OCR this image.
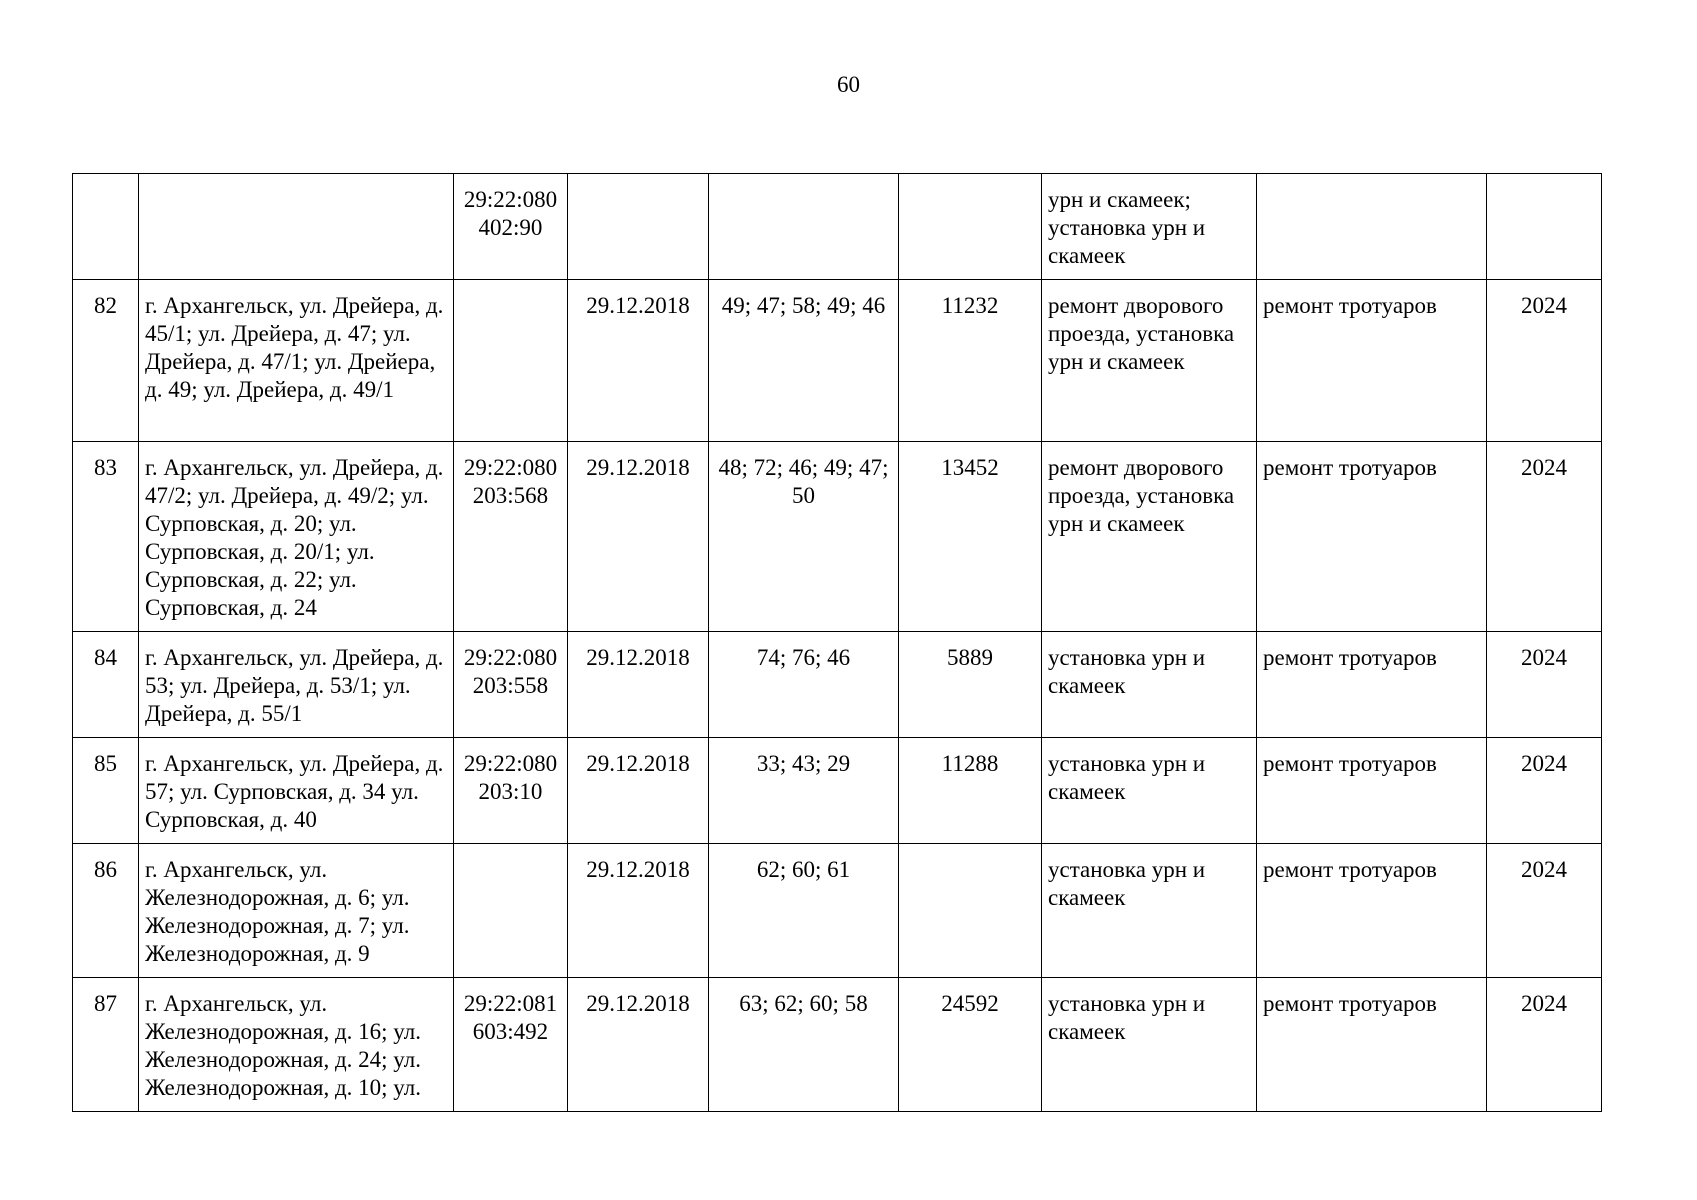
60
		29:22:080 402:90				урн и скамеек; установка урн и скамеек		
82	г. Архангельск, ул. Дрейера, д. 45/1; ул. Дрейера, д. 47; ул. Дрейера, д. 47/1; ул. Дрейера, д. 49; ул. Дрейера, д. 49/1		29.12.2018	49; 47; 58; 49; 46	11232	ремонт дворового проезда, установка урн и скамеек	ремонт тротуаров	2024
83	г. Архангельск, ул. Дрейера, д. 47/2; ул. Дрейера, д. 49/2; ул. Сурповская, д. 20; ул. Сурповская, д. 20/1; ул. Сурповская, д. 22; ул. Сурповская, д. 24	29:22:080 203:568	29.12.2018	48; 72; 46; 49; 47; 50	13452	ремонт дворового проезда, установка урн и скамеек	ремонт тротуаров	2024
84	г. Архангельск, ул. Дрейера, д. 53; ул. Дрейера, д. 53/1; ул. Дрейера, д. 55/1	29:22:080 203:558	29.12.2018	74; 76; 46	5889	установка урн и скамеек	ремонт тротуаров	2024
85	г. Архангельск, ул. Дрейера, д. 57; ул. Сурповская, д. 34 ул. Сурповская, д. 40	29:22:080 203:10	29.12.2018	33; 43; 29	11288	установка урн и скамеек	ремонт тротуаров	2024
86	г. Архангельск, ул. Железнодорожная, д. 6; ул. Железнодорожная, д. 7; ул. Железнодорожная, д. 9		29.12.2018	62; 60; 61		установка урн и скамеек	ремонт тротуаров	2024
87	г. Архангельск, ул. Железнодорожная, д. 16; ул. Железнодорожная, д. 24; ул. Железнодорожная, д. 10; ул.	29:22:081 603:492	29.12.2018	63; 62; 60; 58	24592	установка урн и скамеек	ремонт тротуаров	2024
